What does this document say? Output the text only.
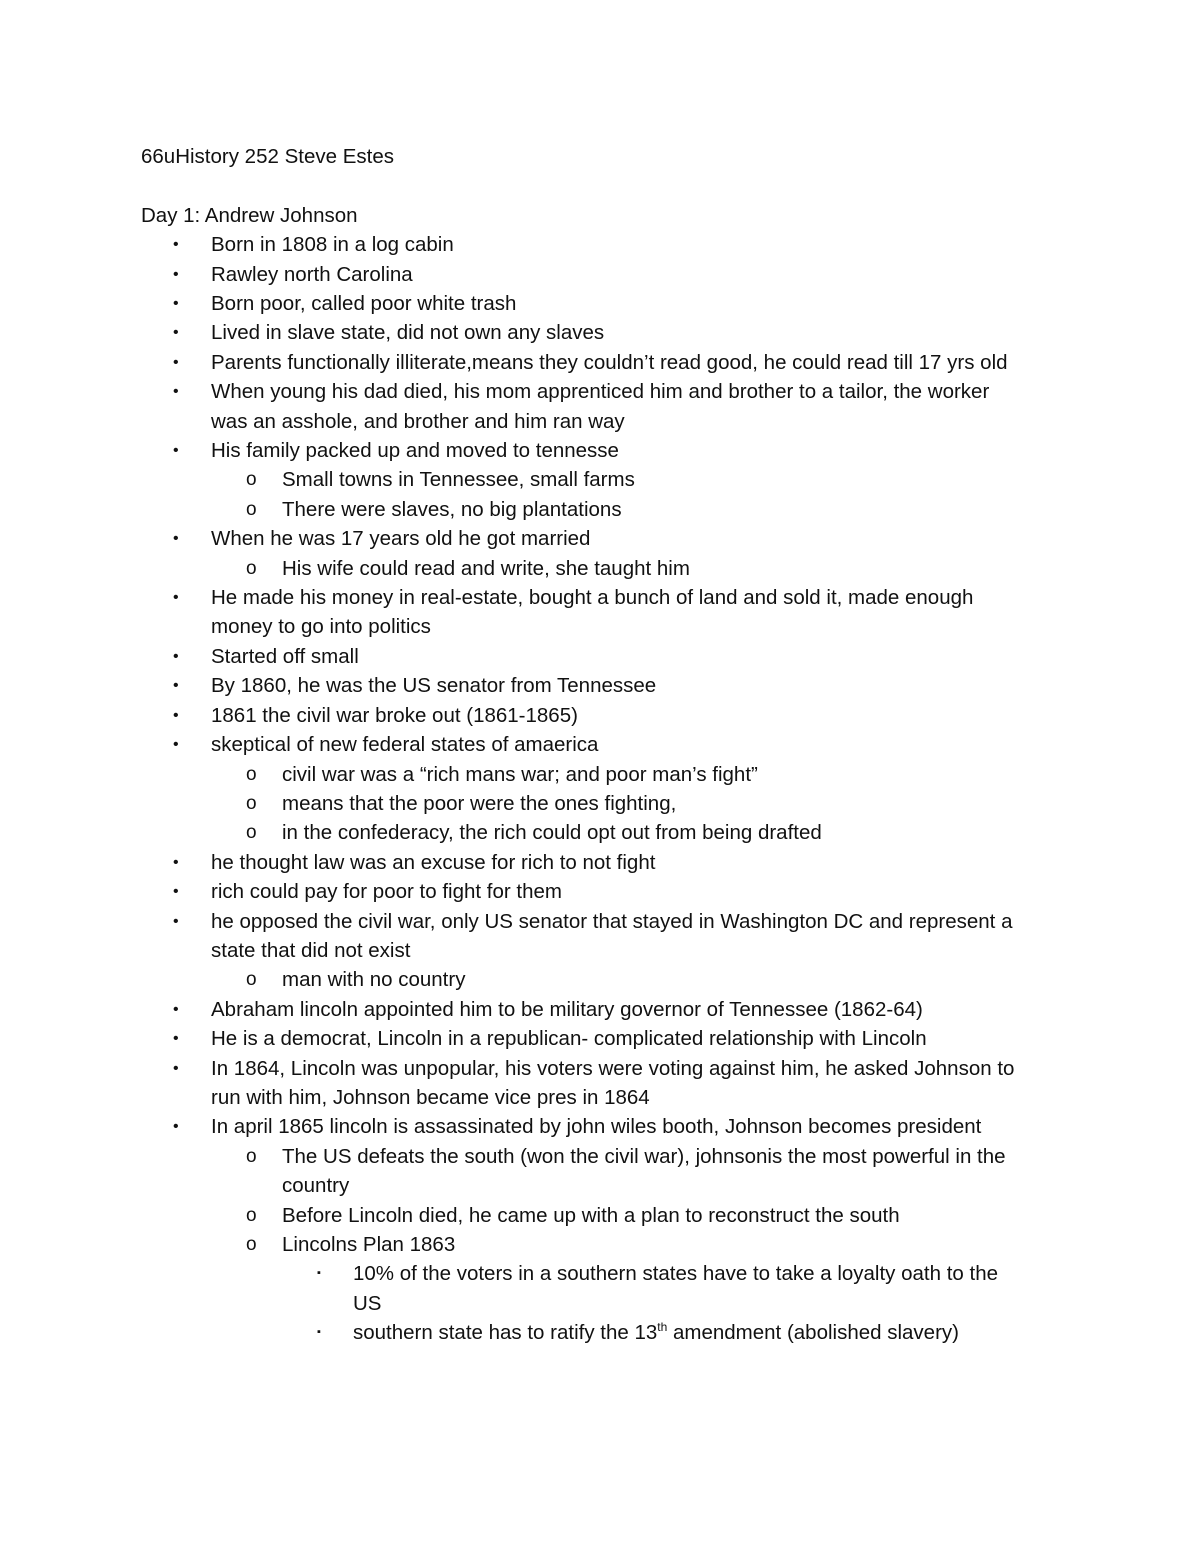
66uHistory 252 Steve Estes
Day 1: Andrew Johnson
• Born in 1808 in a log cabin
• Rawley north Carolina
• Born poor, called poor white trash
• Lived in slave state, did not own any slaves
• Parents functionally illiterate,means they couldn’t read good, he could read till 17 yrs old
• When young his dad died, his mom apprenticed him and brother to a tailor, the worker
was an asshole, and brother and him ran way
• His family packed up and moved to tennesse
o Small towns in Tennessee, small farms
o There were slaves, no big plantations
• When he was 17 years old he got married
o His wife could read and write, she taught him
• He made his money in real-estate, bought a bunch of land and sold it, made enough
money to go into politics
• Started off small
• By 1860, he was the US senator from Tennessee
• 1861 the civil war broke out (1861-1865)
• skeptical of new federal states of amaerica
o civil war was a “rich mans war; and poor man’s fight”
o means that the poor were the ones fighting,
o in the confederacy, the rich could opt out from being drafted
• he thought law was an excuse for rich to not fight
• rich could pay for poor to fight for them
• he opposed the civil war, only US senator that stayed in Washington DC and represent a
state that did not exist
o man with no country
• Abraham lincoln appointed him to be military governor of Tennessee (1862-64)
• He is a democrat, Lincoln in a republican- complicated relationship with Lincoln
• In 1864, Lincoln was unpopular, his voters were voting against him, he asked Johnson to
run with him, Johnson became vice pres in 1864
• In april 1865 lincoln is assassinated by john wiles booth, Johnson becomes president
o The US defeats the south (won the civil war), johnsonis the most powerful in the
country
o Before Lincoln died, he came up with a plan to reconstruct the south
o Lincolns Plan 1863
▪ 10% of the voters in a southern states have to take a loyalty oath to the
US
▪ southern state has to ratify the 13th amendment (abolished slavery)
